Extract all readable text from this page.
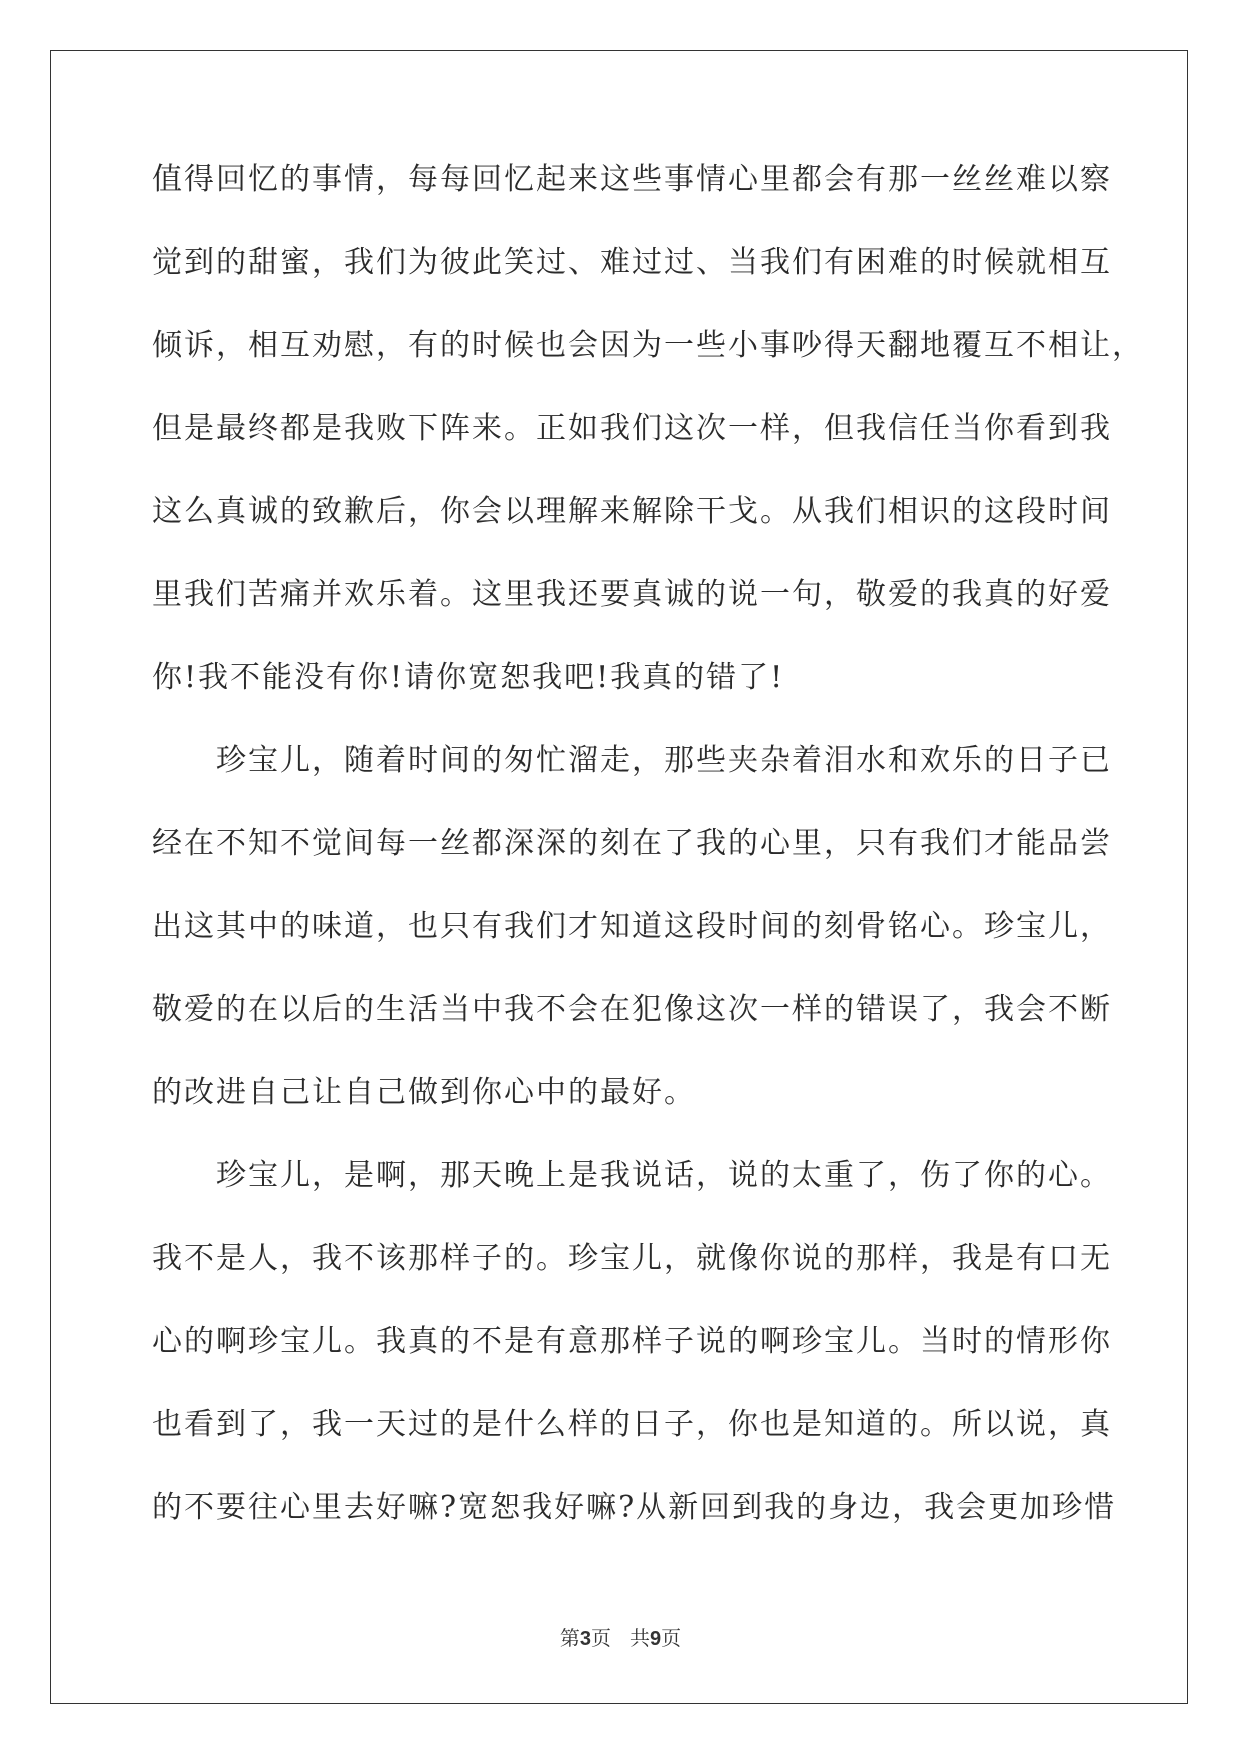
值得回忆的事情，每每回忆起来这些事情心里都会有那一丝丝难以察
觉到的甜蜜，我们为彼此笑过、难过过、当我们有困难的时候就相互
倾诉，相互劝慰，有的时候也会因为一些小事吵得天翻地覆互不相让，
但是最终都是我败下阵来。正如我们这次一样，但我信任当你看到我
这么真诚的致歉后，你会以理解来解除干戈。从我们相识的这段时间
里我们苦痛并欢乐着。这里我还要真诚的说一句，敬爱的我真的好爱
你!我不能没有你!请你宽恕我吧!我真的错了!
珍宝儿，随着时间的匆忙溜走，那些夹杂着泪水和欢乐的日子已
经在不知不觉间每一丝都深深的刻在了我的心里，只有我们才能品尝
出这其中的味道，也只有我们才知道这段时间的刻骨铭心。珍宝儿，
敬爱的在以后的生活当中我不会在犯像这次一样的错误了，我会不断
的改进自己让自己做到你心中的最好。
珍宝儿，是啊，那天晚上是我说话，说的太重了，伤了你的心。
我不是人，我不该那样子的。珍宝儿，就像你说的那样，我是有口无
心的啊珍宝儿。我真的不是有意那样子说的啊珍宝儿。当时的情形你
也看到了，我一天过的是什么样的日子，你也是知道的。所以说，真
的不要往心里去好嘛?宽恕我好嘛?从新回到我的身边，我会更加珍惜
第3页 共9页
